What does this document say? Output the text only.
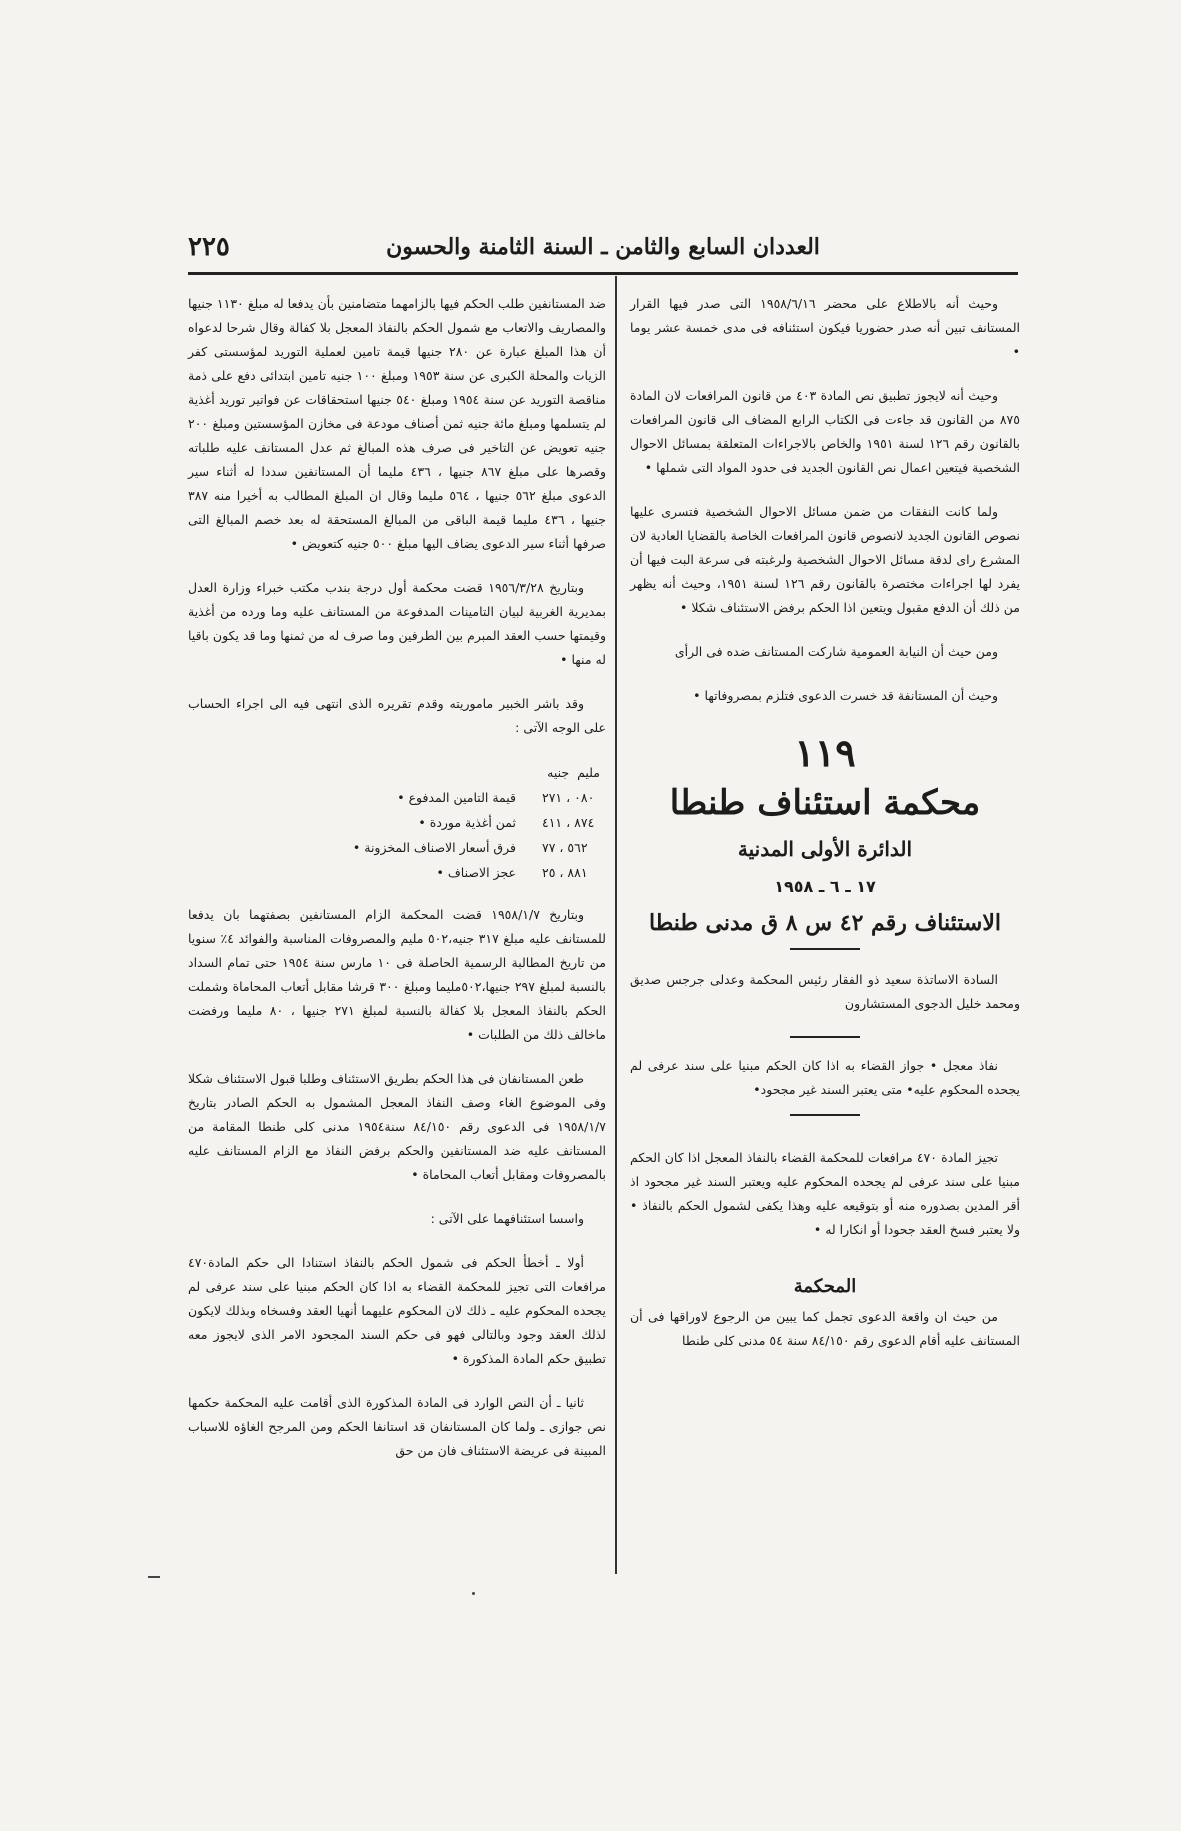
٢٢٥	العددان السابع والثامن ـ السنة الثامنة والحسون

وحيث أنه بالاطلاع على محضر ١٩٥٨/٦/١٦ التى صدر فيها القرار المستانف تبين أنه صدر حضوريا فيكون استئنافه فى مدى خمسة عشر يوما •

وحيث أنه لايجوز تطبيق نص المادة ٤٠٣ من قانون المرافعات لان المادة ٨٧٥ من القانون قد جاءت فى الكتاب الرابع المضاف الى قانون المرافعات بالقانون رقم ١٢٦ لسنة ١٩٥١ والخاص بالاجراءات المتعلقة بمسائل الاحوال الشخصية فيتعين اعمال نص القانون الجديد فى حدود المواد التى شملها •

ولما كانت النفقات من ضمن مسائل الاحوال الشخصية فتسرى عليها نصوص القانون الجديد لانصوص قانون المرافعات الخاصة بالقضايا العادية لان المشرع راى لدقة مسائل الاحوال الشخصية ولرغبته فى سرعة البت فيها أن يفرد لها اجراءات مختصرة بالقانون رقم ١٢٦ لسنة ١٩٥١، وحيث أنه يظهر من ذلك أن الدفع مقبول ويتعين اذا الحكم برفض الاستئناف شكلا •

ومن حيث أن النيابة العمومية شاركت المستانف ضده فى الرأى

وحيث أن المستانفة قد خسرت الدعوى فتلزم بمصروفاتها •

١١٩
محكمة استئناف طنطا
الدائرة الأولى المدنية
١٧ ـ ٦ ـ ١٩٥٨
الاستئناف رقم ٤٢ س ٨ ق مدنى طنطا

السادة الاساتذة سعيد ذو الفقار رئيس المحكمة وعدلى جرجس صديق ومحمد خليل الدجوى المستشارون

نفاذ معجل • جواز القضاء به اذا كان الحكم مبنيا على سند عرفى لم يجحده المحكوم عليه• متى يعتبر السند غير مجحود•

تجيز المادة ٤٧٠ مرافعات للمحكمة القضاء بالنفاذ المعجل اذا كان الحكم مبنيا على سند عرفى لم يجحده المحكوم عليه ويعتبر السند غير مجحود اذ أقر المدين بصدوره منه أو بتوقيعه عليه وهذا يكفى لشمول الحكم بالنفاذ • ولا يعتبر فسخ العقد جحودا أو انكارا له •

المحكمة

من حيث ان واقعة الدعوى تجمل كما يبين من الرجوع لاوراقها فى أن المستانف عليه أقام الدعوى رقم ٨٤/١٥٠ سنة ٥٤ مدنى كلى طنطا

ضد المستانفين طلب الحكم فيها بالزامهما متضامنين بأن يدفعا له مبلغ ١١٣٠ جنيها والمصاريف والاتعاب مع شمول الحكم بالنفاذ المعجل بلا كفالة وقال شرحا لدعواه أن هذا المبلغ عبارة عن ٢٨٠ جنيها قيمة تامين لعملية التوريد لمؤسستى كفر الزيات والمحلة الكبرى عن سنة ١٩٥٣ ومبلغ ١٠٠ جنيه تامين ابتدائى دفع على ذمة مناقصة التوريد عن سنة ١٩٥٤ ومبلغ ٥٤٠ جنيها استحقاقات عن فواتير توريد أغذية لم يتسلمها ومبلغ مائة جنيه ثمن أصناف مودعة فى مخازن المؤسستين ومبلغ ٢٠٠ جنيه تعويض عن التاخير فى صرف هذه المبالغ ثم عدل المستانف عليه طلباته وقصرها على مبلغ ٨٦٧ جنيها ، ٤٣٦ مليما أن المستانفين سددا له أثناء سير الدعوى مبلغ ٥٦٢ جنيها ، ٥٦٤ مليما وقال ان المبلغ المطالب به أخيرا منه ٣٨٧ جنيها ، ٤٣٦ مليما قيمة الباقى من المبالغ المستحقة له بعد خصم المبالغ التى صرفها أثناء سير الدعوى يضاف اليها مبلغ ٥٠٠ جنيه كتعويض •

وبتاريخ ١٩٥٦/٣/٢٨ قضت محكمة أول درجة بندب مكتب خبراء وزارة العدل بمديرية الغربية لبيان التامينات المدفوعة من المستانف عليه وما ورده من أغذية وقيمتها حسب العقد المبرم بين الطرفين وما صرف له من ثمنها وما قد يكون باقيا له منها •

وقد باشر الخبير ماموريته وقدم تقريره الذى انتهى فيه الى اجراء الحساب على الوجه الآتى :

مليم  جنيه	
٠٨٠ ، ٢٧١	قيمة التامين المدفوع •
٨٧٤ ، ٤١١	ثمن أغذية موردة •
٥٦٢ ، ٧٧	فرق أسعار الاصناف المخزونة •
٨٨١ ، ٢٥	عجز الاصناف •

وبتاريخ ١٩٥٨/١/٧ قضت المحكمة الزام المستانفين بصفتهما بان يدفعا للمستانف عليه مبلغ ٣١٧ جنيه،٥٠٢ مليم والمصروفات المناسبة والفوائد ٤٪ سنويا من تاريخ المطالبة الرسمية الحاصلة فى ١٠ مارس سنة ١٩٥٤ حتى تمام السداد بالنسبة لمبلغ ٢٩٧ جنيها،٥٠٢مليما ومبلغ ٣٠٠ قرشا مقابل أتعاب المحاماة وشملت الحكم بالنفاذ المعجل بلا كفالة بالنسبة لمبلغ ٢٧١ جنيها ، ٨٠ مليما ورفضت ماخالف ذلك من الطلبات •

طعن المستانفان فى هذا الحكم بطريق الاستئناف وطلبا قبول الاستئناف شكلا وفى الموضوع الغاء وصف النفاذ المعجل المشمول به الحكم الصادر بتاريخ ١٩٥٨/١/٧ فى الدعوى رقم ٨٤/١٥٠ سنة١٩٥٤ مدنى كلى طنطا المقامة من المستانف عليه ضد المستانفين والحكم برفض النفاذ مع الزام المستانف عليه بالمصروفات ومقابل أتعاب المحاماة •

واسسا استئنافهما على الآتى :

أولا ـ أخطأ الحكم فى شمول الحكم بالنفاذ استنادا الى حكم المادة٤٧٠ مرافعات التى تجيز للمحكمة القضاء به اذا كان الحكم مبنيا على سند عرفى لم يجحده المحكوم عليه ـ ذلك لان المحكوم عليهما أنهيا العقد وفسخاه وبذلك لايكون لذلك العقد وجود وبالتالى فهو فى حكم السند المجحود الامر الذى لايجوز معه تطبيق حكم المادة المذكورة •

ثانيا ـ أن النص الوارد فى المادة المذكورة الذى أقامت عليه المحكمة حكمها نص جوازى ـ ولما كان المستانفان قد استانفا الحكم ومن المرجح الغاؤه للاسباب المبينة فى عريضة الاستئناف فان من حق
